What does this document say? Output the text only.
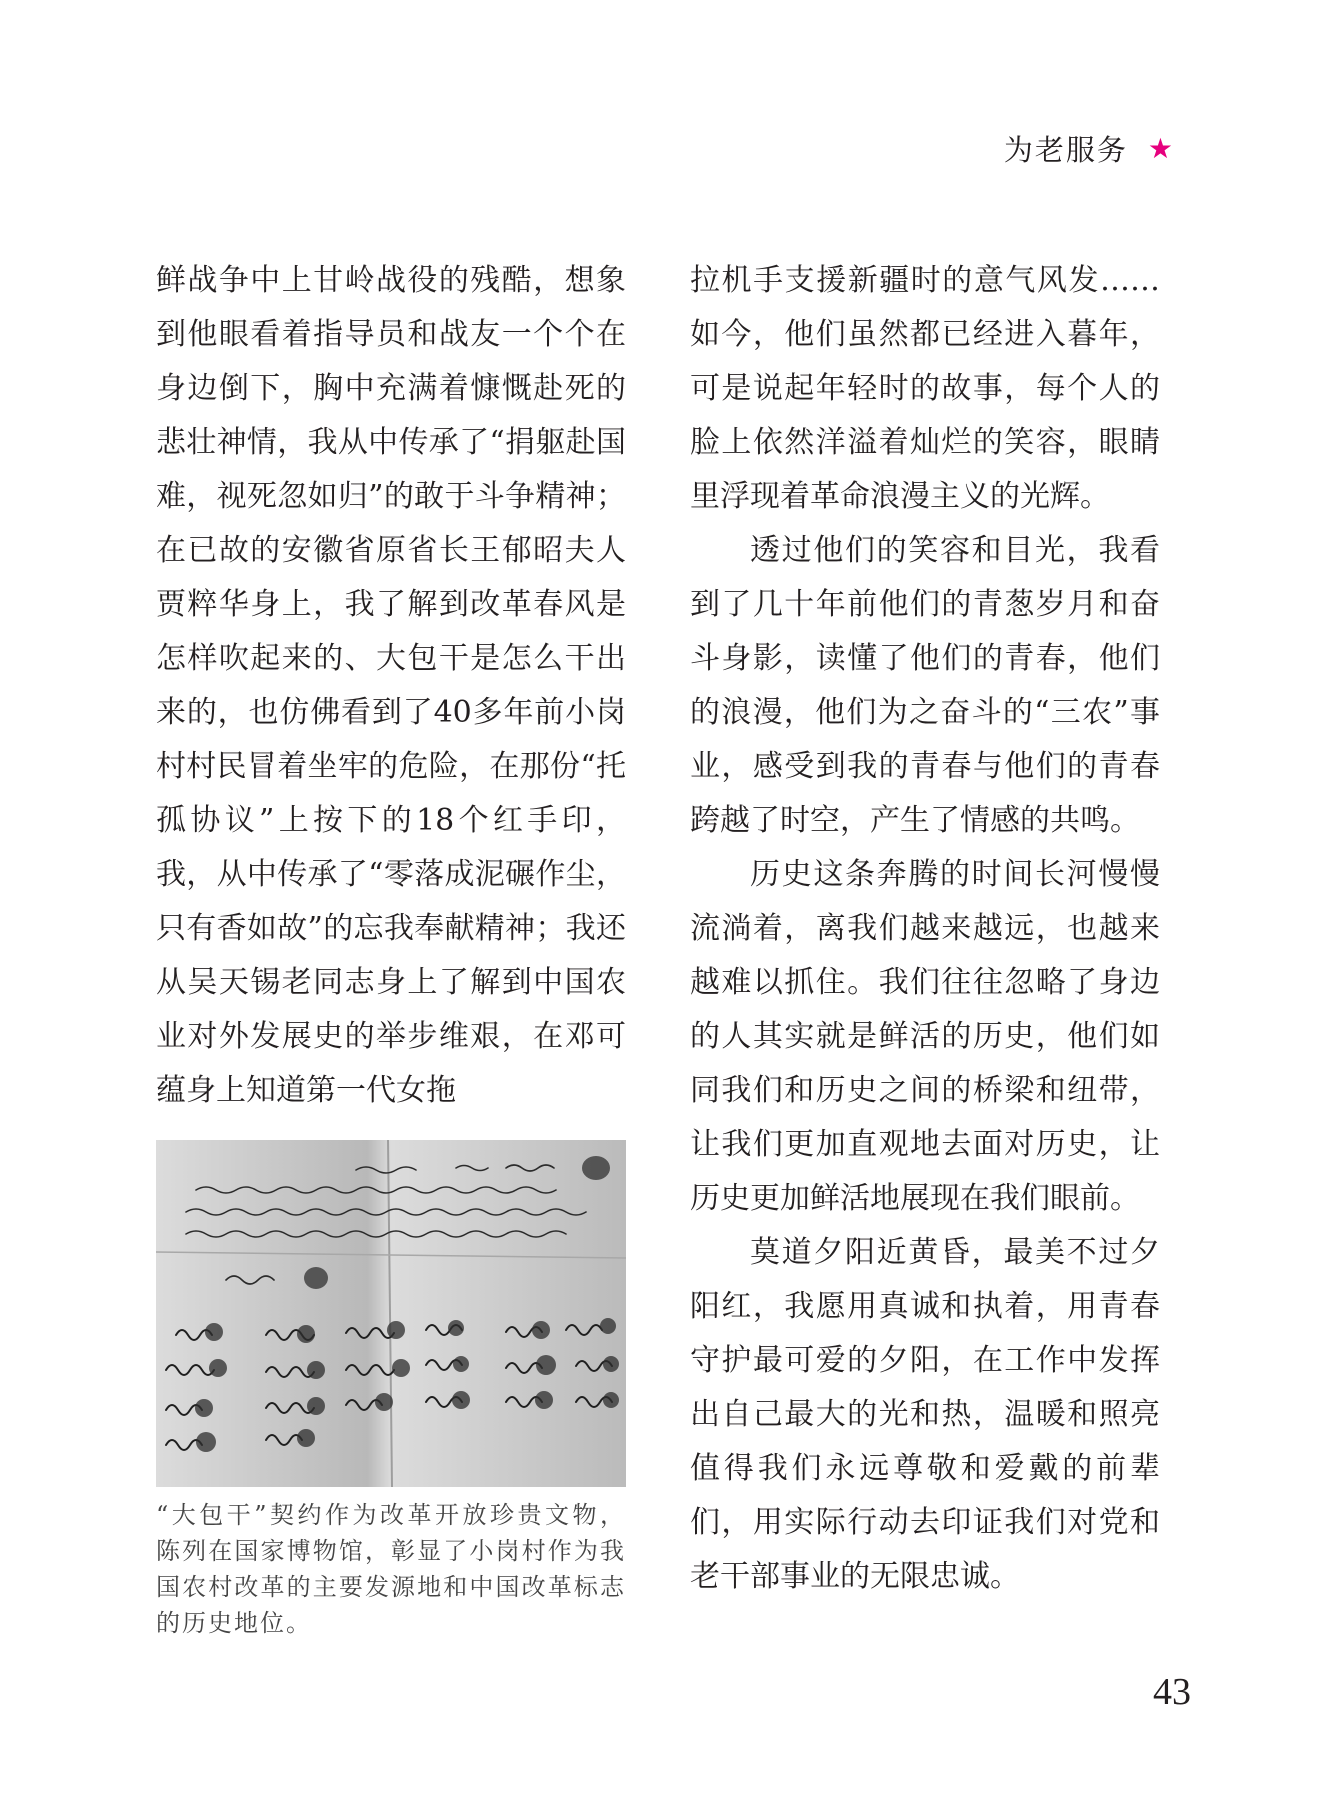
为老服务 ★

鲜战争中上甘岭战役的残酷，想象到他眼看着指导员和战友一个个在身边倒下，胸中充满着慷慨赴死的悲壮神情，我从中传承了“捐躯赴国难，视死忽如归”的敢于斗争精神；在已故的安徽省原省长王郁昭夫人贾粹华身上，我了解到改革春风是怎样吹起来的、大包干是怎么干出来的，也仿佛看到了40多年前小岗村村民冒着坐牢的危险，在那份“托孤协议”上按下的18个红手印，我，从中传承了“零落成泥碾作尘，只有香如故”的忘我奉献精神；我还从吴天锡老同志身上了解到中国农业对外发展史的举步维艰，在邓可蕴身上知道第一代女拖

“大包干”契约作为改革开放珍贵文物，陈列在国家博物馆，彰显了小岗村作为我国农村改革的主要发源地和中国改革标志的历史地位。

拉机手支援新疆时的意气风发……如今，他们虽然都已经进入暮年，可是说起年轻时的故事，每个人的脸上依然洋溢着灿烂的笑容，眼睛里浮现着革命浪漫主义的光辉。

透过他们的笑容和目光，我看到了几十年前他们的青葱岁月和奋斗身影，读懂了他们的青春，他们的浪漫，他们为之奋斗的“三农”事业，感受到我的青春与他们的青春跨越了时空，产生了情感的共鸣。

历史这条奔腾的时间长河慢慢流淌着，离我们越来越远，也越来越难以抓住。我们往往忽略了身边的人其实就是鲜活的历史，他们如同我们和历史之间的桥梁和纽带，让我们更加直观地去面对历史，让历史更加鲜活地展现在我们眼前。

莫道夕阳近黄昏，最美不过夕阳红，我愿用真诚和执着，用青春守护最可爱的夕阳，在工作中发挥出自己最大的光和热，温暖和照亮值得我们永远尊敬和爱戴的前辈们，用实际行动去印证我们对党和老干部事业的无限忠诚。

43
